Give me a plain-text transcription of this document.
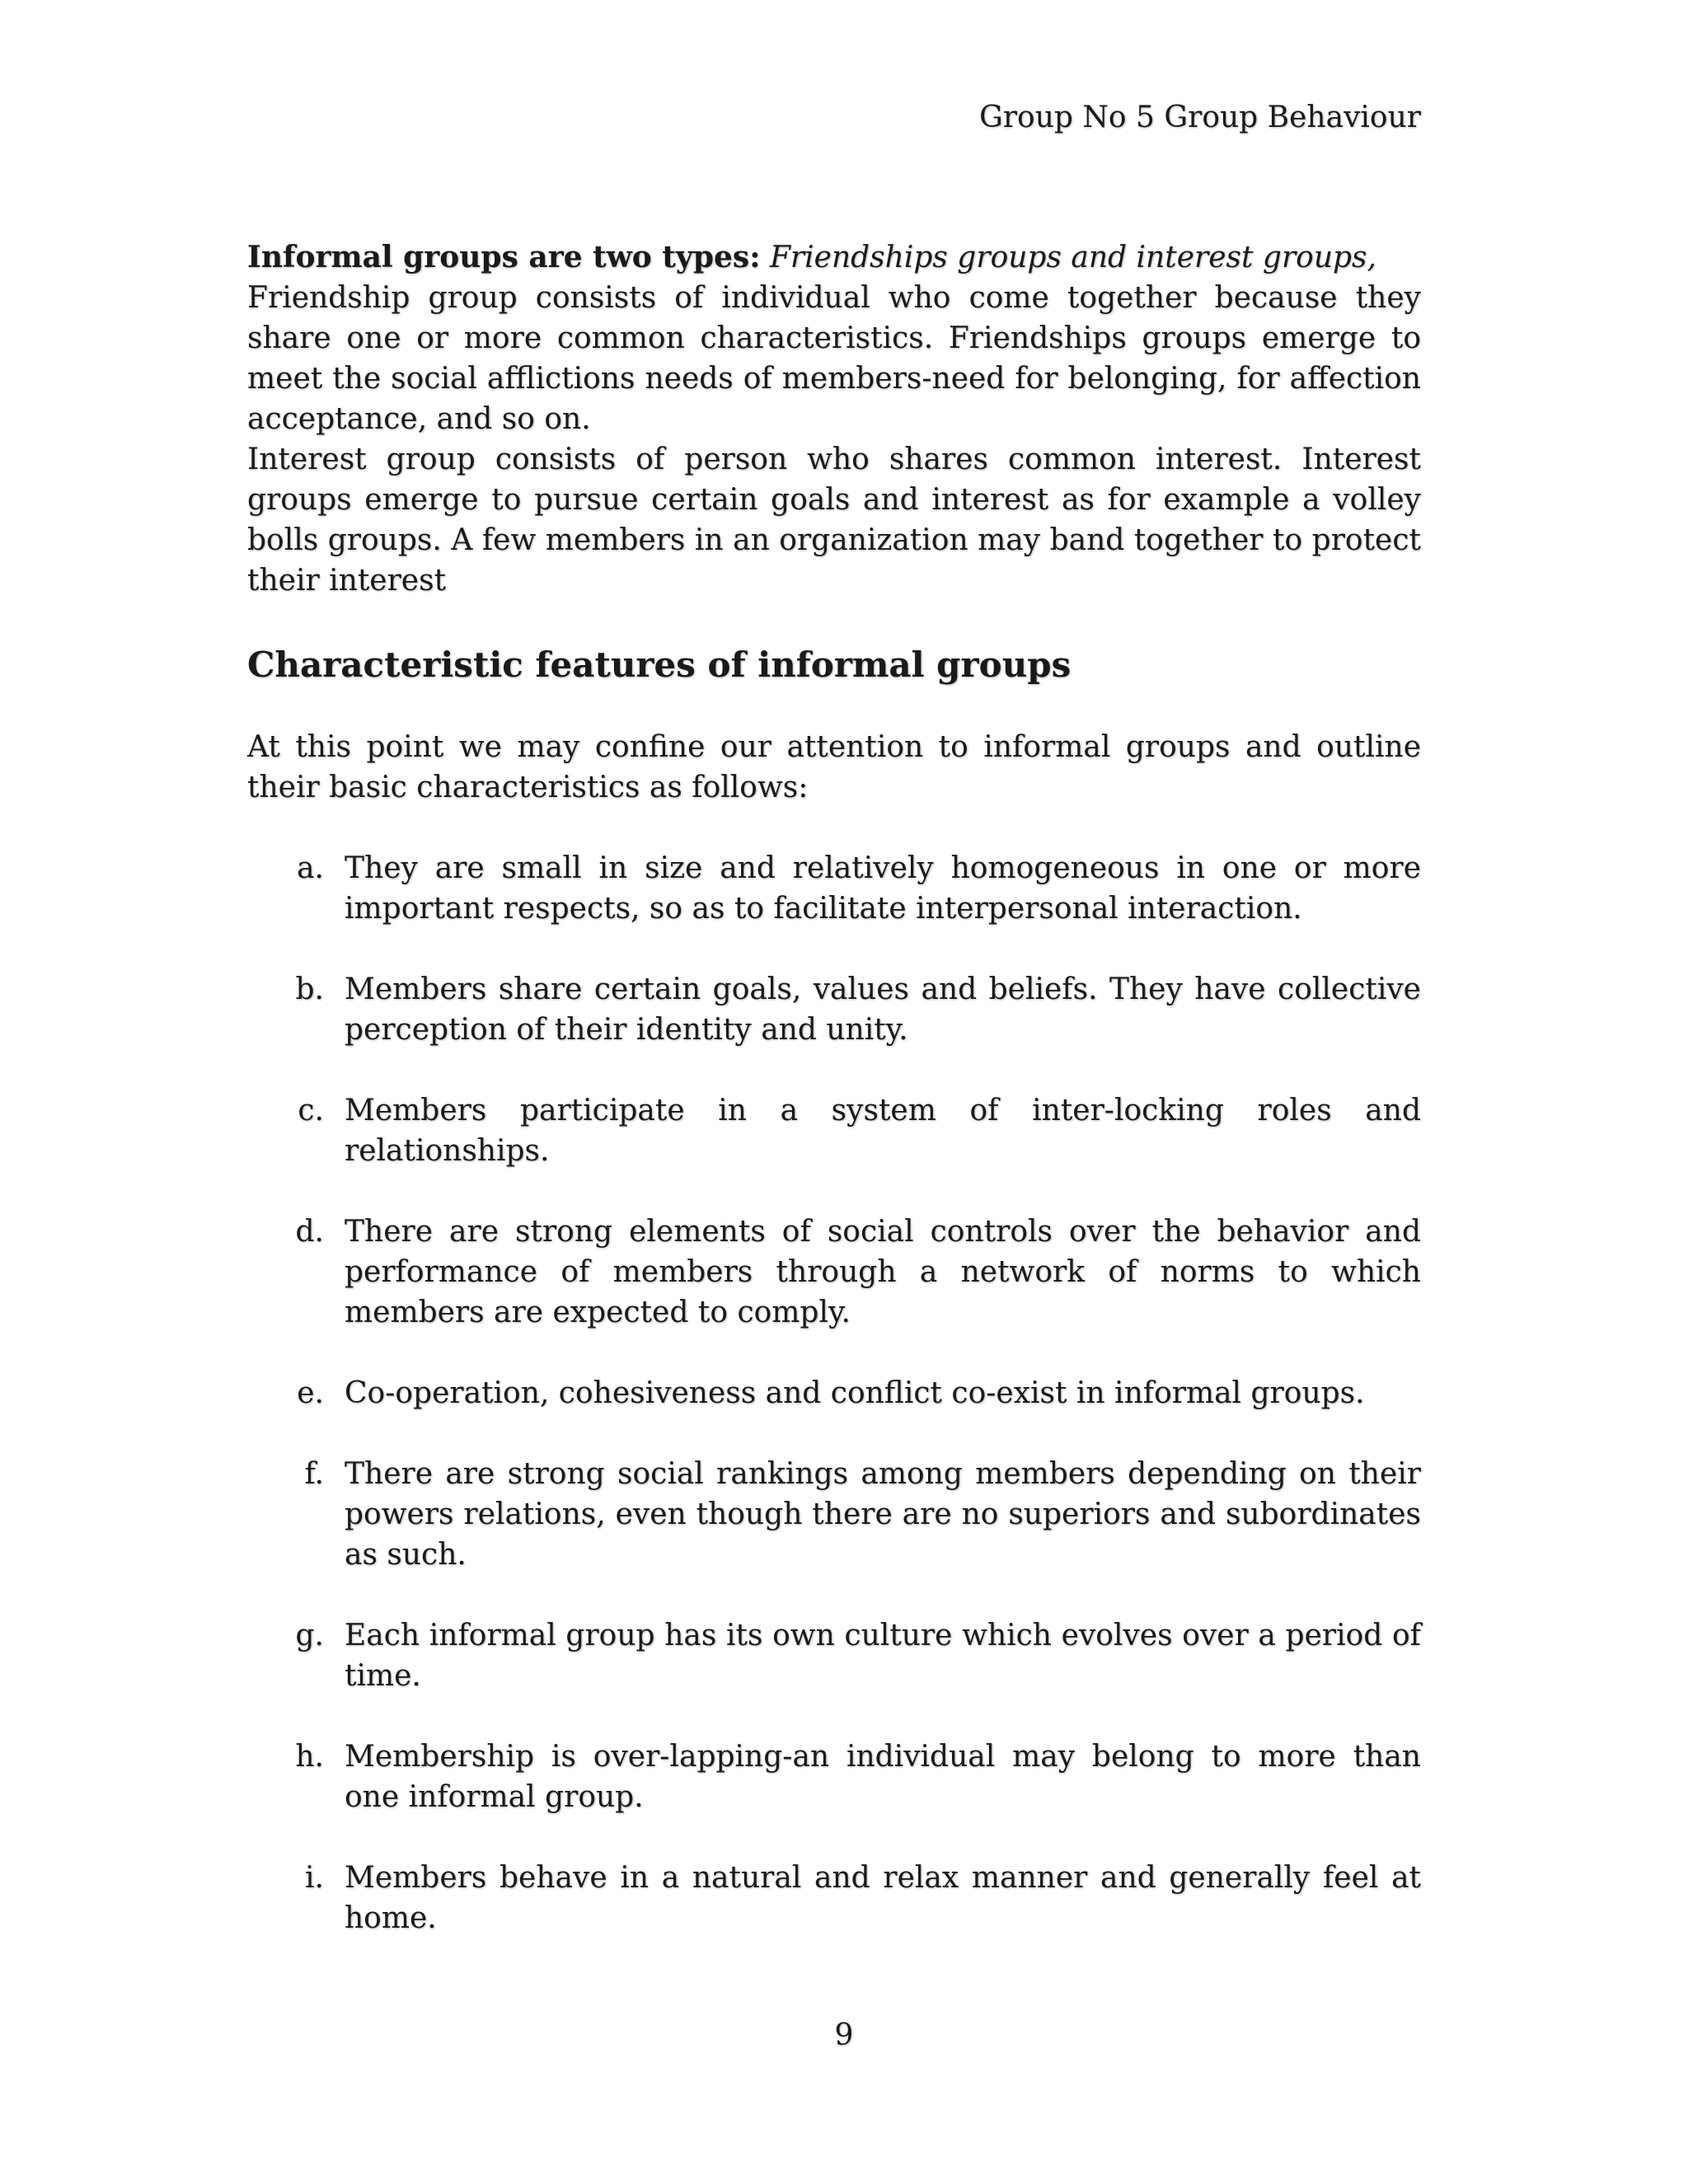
Group No 5 Group Behaviour

Informal groups are two types: Friendships groups and interest groups,

Friendship group consists of individual who come together because they share one or more common characteristics. Friendships groups emerge to meet the social afflictions needs of members-need for belonging, for affection acceptance, and so on.

Interest group consists of person who shares common interest. Interest groups emerge to pursue certain goals and interest as for example a volley bolls groups. A few members in an organization may band together to protect their interest

Characteristic features of informal groups

At this point we may confine our attention to informal groups and outline their basic characteristics as follows:

a. They are small in size and relatively homogeneous in one or more important respects, so as to facilitate interpersonal interaction.
b. Members share certain goals, values and beliefs. They have collective perception of their identity and unity.
c. Members participate in a system of inter-locking roles and relationships.
d. There are strong elements of social controls over the behavior and performance of members through a network of norms to which members are expected to comply.
e. Co-operation, cohesiveness and conflict co-exist in informal groups.
f. There are strong social rankings among members depending on their powers relations, even though there are no superiors and subordinates as such.
g. Each informal group has its own culture which evolves over a period of time.
h. Membership is over-lapping-an individual may belong to more than one informal group.
i. Members behave in a natural and relax manner and generally feel at home.
9
